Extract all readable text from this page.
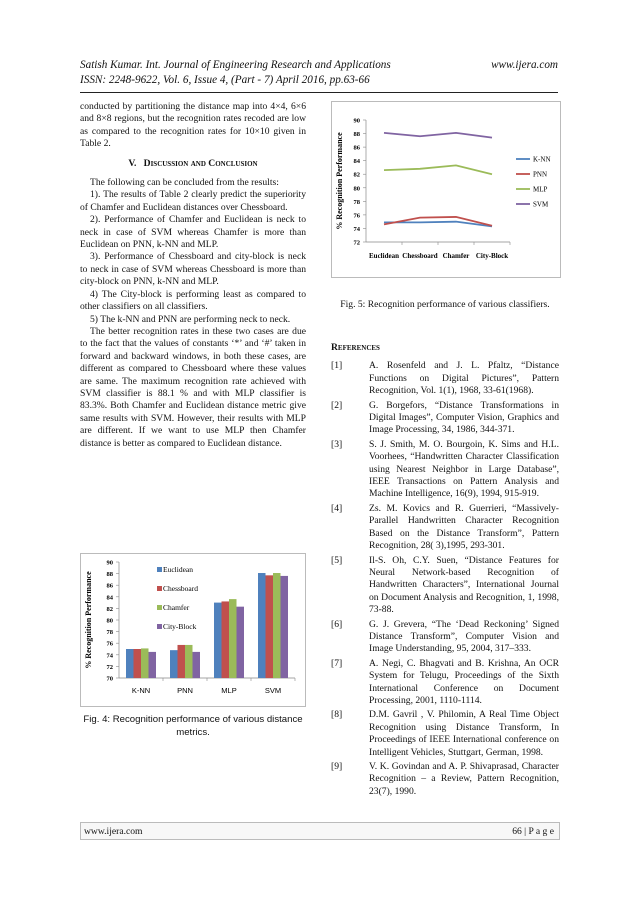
Satish Kumar. Int. Journal of Engineering Research and Applications	www.ijera.com
ISSN: 2248-9622, Vol. 6, Issue 4, (Part - 7) April 2016, pp.63-66

conducted by partitioning the distance map into 4×4, 6×6 and 8×8 regions, but the recognition rates recoded are low as compared to the recognition rates for 10×10 given in Table 2.

V. Discussion and Conclusion

The following can be concluded from the results:

1). The results of Table 2 clearly predict the superiority of Chamfer and Euclidean distances over Chessboard.

2). Performance of Chamfer and Euclidean is neck to neck in case of SVM whereas Chamfer is more than Euclidean on PNN, k-NN and MLP.

3). Performance of Chessboard and city-block is neck to neck in case of SVM whereas Chessboard is more than city-block on PNN, k-NN and MLP.

4) The City-block is performing least as compared to other classifiers on all classifiers.

5) The k-NN and PNN are performing neck to neck.

The better recognition rates in these two cases are due to the fact that the values of constants ‘*’ and ‘#’ taken in forward and backward windows, in both these cases, are different as compared to Chessboard where these values are same. The maximum recognition rate achieved with SVM classifier is 88.1 % and with MLP classifier is 83.3%. Both Chamfer and Euclidean distance metric give same results with SVM. However, their results with MLP are different. If we want to use MLP then Chamfer distance is better as compared to Euclidean distance.

70
72
74
76
78
80
82
84
86
88
90
% Recognition Performance
K-NN	PNN	MLP	SVM
Euclidean
Chessboard
Chamfer
City-Block
Fig. 4: Recognition performance of various distance metrics.
72
74
76
78
80
82
84
86
88
90
% Recognition Performance
Euclidean Chessboard Chamfer City-Block
K-NN
PNN
MLP
SVM
Fig. 5: Recognition performance of various classifiers.

References

[1]	A. Rosenfeld and J. L. Pfaltz, “Distance Functions on Digital Pictures”, Pattern Recognition, Vol. 1(1), 1968, 33-61(1968).

[2]	G. Borgefors, “Distance Transformations in Digital Images”, Computer Vision, Graphics and Image Processing, 34, 1986, 344-371.

[3]	S. J. Smith, M. O. Bourgoin, K. Sims and H.L. Voorhees, “Handwritten Character Classification using Nearest Neighbor in Large Database”, IEEE Transactions on Pattern Analysis and Machine Intelligence, 16(9), 1994, 915-919.

[4]	Zs. M. Kovics and R. Guerrieri, “Massively-Parallel Handwritten Character Recognition Based on the Distance Transform”, Pattern Recognition, 28( 3),1995, 293-301.

[5]	Il-S. Oh, C.Y. Suen, “Distance Features for Neural Network-based Recognition of Handwritten Characters”, International Journal on Document Analysis and Recognition, 1, 1998, 73-88.

[6]	G. J. Grevera, “The ‘Dead Reckoning’ Signed Distance Transform”, Computer Vision and Image Understanding, 95, 2004, 317–333.

[7]	A. Negi, C. Bhagvati and B. Krishna, An OCR System for Telugu, Proceedings of the Sixth International Conference on Document Processing, 2001, 1110-1114.

[8]	D.M. Gavril , V. Philomin, A Real Time Object Recognition using Distance Transform, In Proceedings of IEEE International conference on Intelligent Vehicles, Stuttgart, German, 1998.

[9]	V. K. Govindan and A. P. Shivaprasad, Character Recognition – a Review, Pattern Recognition, 23(7), 1990.

www.ijera.com	66 | P a g e
